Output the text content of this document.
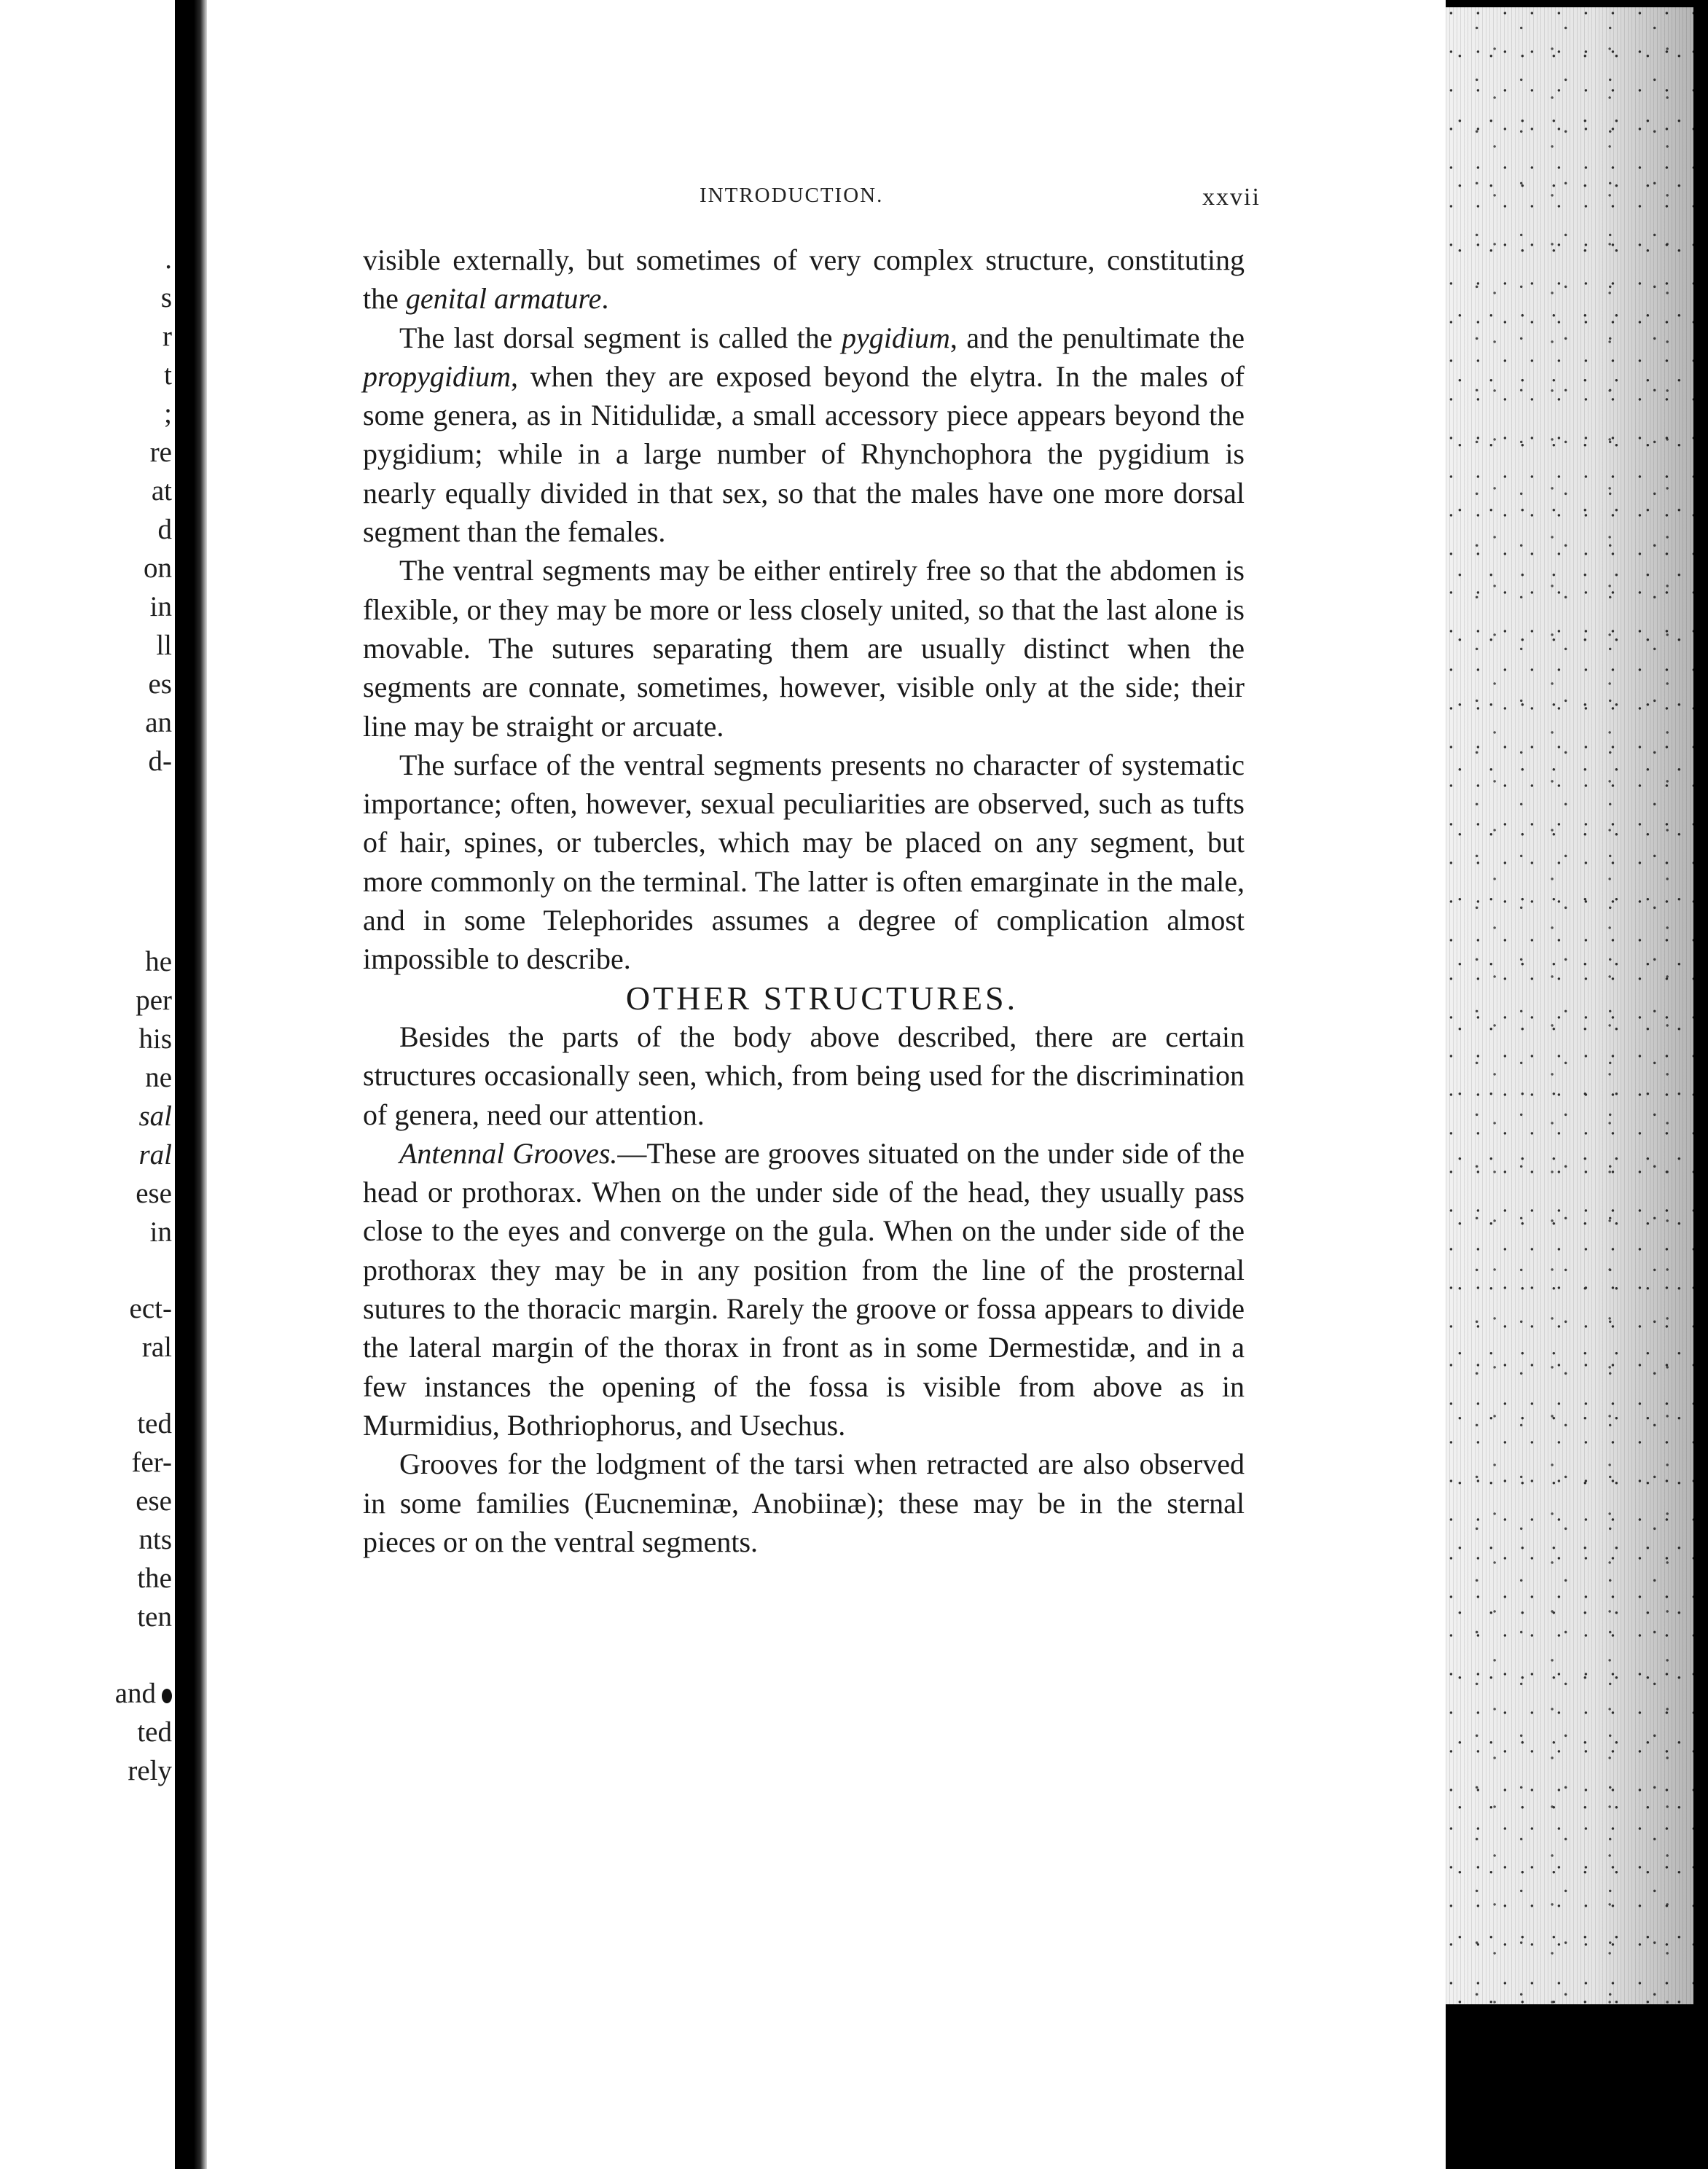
.
s
r
t
;
re
at
d
on
in
ll
es
an
d-
he
per
his
ne
sal
ral
ese
in
ect-
ral
ted
fer-
ese
nts
the
ten
and
ted
rely
INTRODUCTION.	xxvii

visible externally, but sometimes of very complex structure, constituting the genital armature.

The last dorsal segment is called the pygidium, and the penultimate the propygidium, when they are exposed beyond the elytra. In the males of some genera, as in Nitidulidæ, a small accessory piece appears beyond the pygidium; while in a large number of Rhynchophora the pygidium is nearly equally divided in that sex, so that the males have one more dorsal segment than the females.

The ventral segments may be either entirely free so that the abdomen is flexible, or they may be more or less closely united, so that the last alone is movable. The sutures separating them are usually distinct when the segments are connate, sometimes, however, visible only at the side; their line may be straight or arcuate.

The surface of the ventral segments presents no character of systematic importance; often, however, sexual peculiarities are observed, such as tufts of hair, spines, or tubercles, which may be placed on any segment, but more commonly on the terminal. The latter is often emarginate in the male, and in some Telephorides assumes a degree of complication almost impossible to describe.

OTHER STRUCTURES.

Besides the parts of the body above described, there are certain structures occasionally seen, which, from being used for the discrimination of genera, need our attention.

Antennal Grooves.—These are grooves situated on the under side of the head or prothorax. When on the under side of the head, they usually pass close to the eyes and converge on the gula. When on the under side of the prothorax they may be in any position from the line of the prosternal sutures to the thoracic margin. Rarely the groove or fossa appears to divide the lateral margin of the thorax in front as in some Dermestidæ, and in a few instances the opening of the fossa is visible from above as in Murmidius, Bothriophorus, and Usechus.

Grooves for the lodgment of the tarsi when retracted are also observed in some families (Eucneminæ, Anobiinæ); these may be in the sternal pieces or on the ventral segments.
